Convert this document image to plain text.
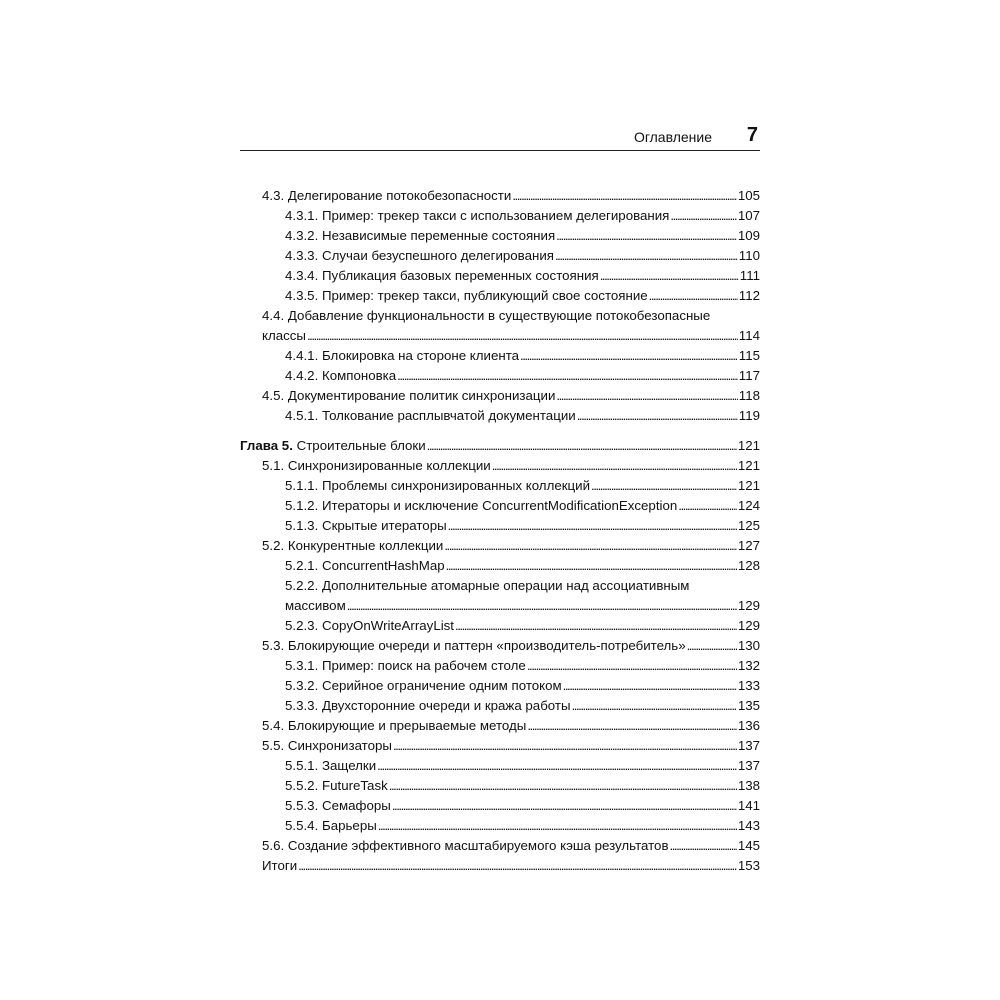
Оглавление 7
4.3. Делегирование потокобезопасности . . .	105
4.3.1. Пример: трекер такси с использованием делегирования . . .	107
4.3.2. Независимые переменные состояния . . .	109
4.3.3. Случаи безуспешного делегирования . . .	110
4.3.4. Публикация базовых переменных состояния . . .	111
4.3.5. Пример: трекер такси, публикующий свое состояние . . .	112
4.4. Добавление функциональности в существующие потокобезопасные
классы . . .	114
4.4.1. Блокировка на стороне клиента . . .	115
4.4.2. Компоновка . . .	117
4.5. Документирование политик синхронизации . . .	118
4.5.1. Толкование расплывчатой документации . . .	119
Глава 5. Строительные блоки . . .	121
5.1. Синхронизированные коллекции . . .	121
5.1.1. Проблемы синхронизированных коллекций . . .	121
5.1.2. Итераторы и исключение ConcurrentModificationException . . .	124
5.1.3. Скрытые итераторы . . .	125
5.2. Конкурентные коллекции . . .	127
5.2.1. ConcurrentHashMap . . .	128
5.2.2. Дополнительные атомарные операции над ассоциативным
массивом . . .	129
5.2.3. CopyOnWriteArrayList . . .	129
5.3. Блокирующие очереди и паттерн «производитель-потребитель» . . .	130
5.3.1. Пример: поиск на рабочем столе . . .	132
5.3.2. Серийное ограничение одним потоком . . .	133
5.3.3. Двухсторонние очереди и кража работы . . .	135
5.4. Блокирующие и прерываемые методы . . .	136
5.5. Синхронизаторы . . .	137
5.5.1. Защелки . . .	137
5.5.2. FutureTask . . .	138
5.5.3. Семафоры . . .	141
5.5.4. Барьеры . . .	143
5.6. Создание эффективного масштабируемого кэша результатов . . .	145
Итоги . . .	153
